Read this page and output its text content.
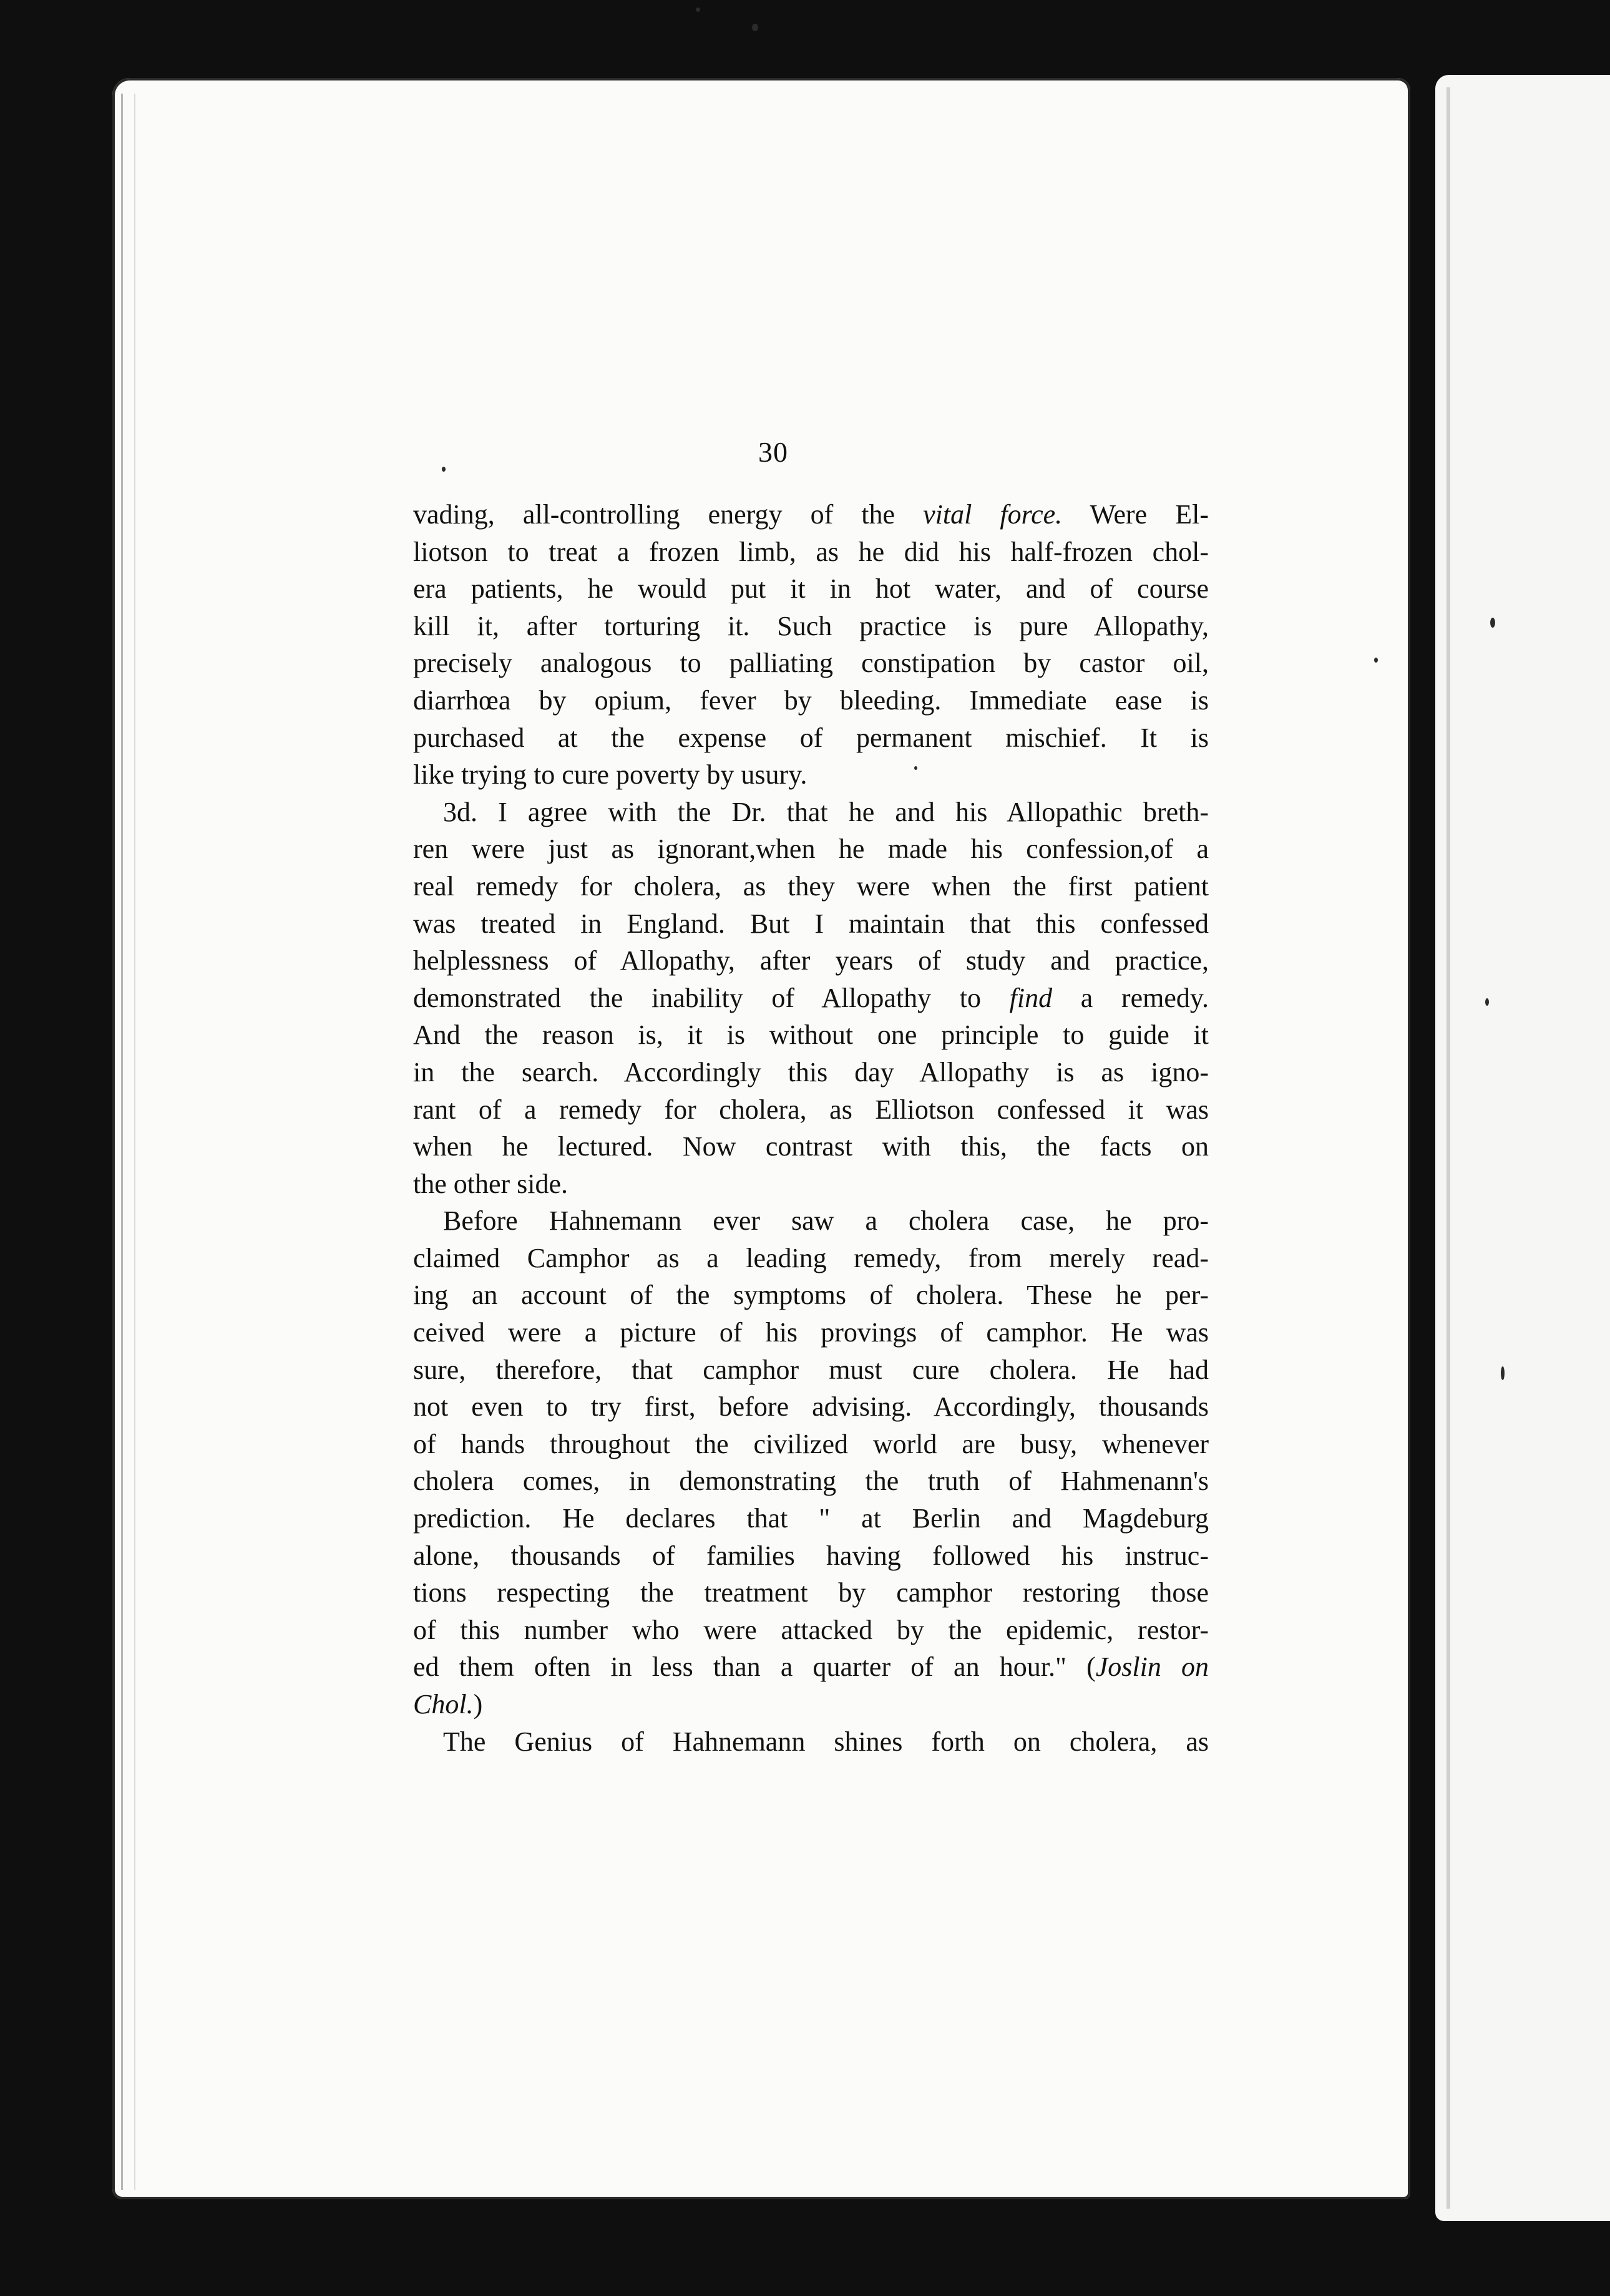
30
vading, all-controlling energy of the vital force. Were El-
liotson to treat a frozen limb, as he did his half-frozen chol-
era patients, he would put it in hot water, and of course
kill it, after torturing it. Such practice is pure Allopathy,
precisely analogous to palliating constipation by castor oil,
diarrhœa by opium, fever by bleeding. Immediate ease is
purchased at the expense of permanent mischief. It is
like trying to cure poverty by usury.
3d. I agree with the Dr. that he and his Allopathic breth-
ren were just as ignorant,when he made his confession,of a
real remedy for cholera, as they were when the first patient
was treated in England. But I maintain that this confessed
helplessness of Allopathy, after years of study and practice,
demonstrated the inability of Allopathy to find a remedy.
And the reason is, it is without one principle to guide it
in the search. Accordingly this day Allopathy is as igno-
rant of a remedy for cholera, as Elliotson confessed it was
when he lectured. Now contrast with this, the facts on
the other side.
Before Hahnemann ever saw a cholera case, he pro-
claimed Camphor as a leading remedy, from merely read-
ing an account of the symptoms of cholera. These he per-
ceived were a picture of his provings of camphor. He was
sure, therefore, that camphor must cure cholera. He had
not even to try first, before advising. Accordingly, thousands
of hands throughout the civilized world are busy, whenever
cholera comes, in demonstrating the truth of Hahmenann's
prediction. He declares that " at Berlin and Magdeburg
alone, thousands of families having followed his instruc-
tions respecting the treatment by camphor restoring those
of this number who were attacked by the epidemic, restor-
ed them often in less than a quarter of an hour." (Joslin on
Chol.)
The Genius of Hahnemann shines forth on cholera, as
